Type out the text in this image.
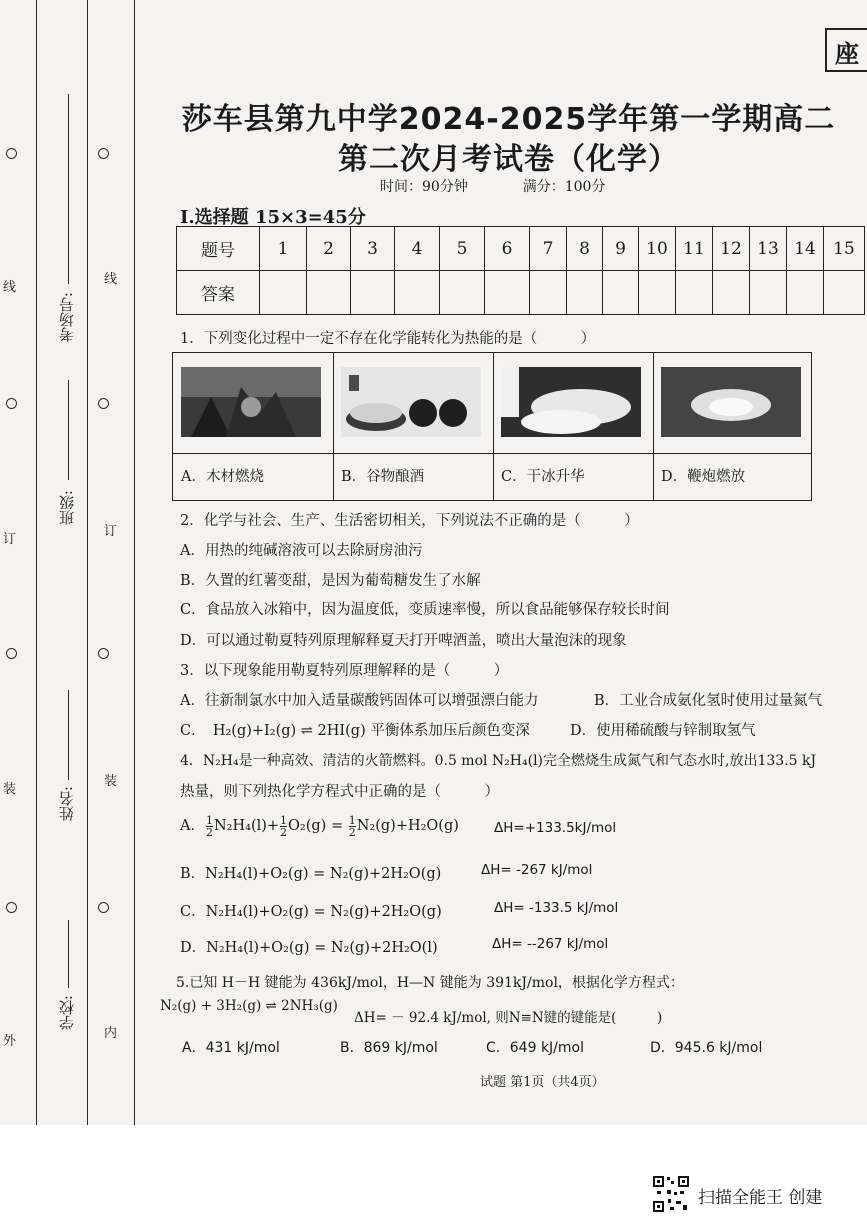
线
订
装
外
线
订
装
内
考场号:
班级:
姓名:
学校:
座
莎车县第九中学2024-2025学年第一学期高二
第二次月考试卷（化学）
时间：90分钟	满分：100分
I.选择题 15×3=45分
题号	1	2	3	4	5	6	7	8	9	10	11	12	13	14	15
答案															
1．下列变化过程中一定不存在化学能转化为热能的是（　　　）
A．木材燃烧	B．谷物酿酒	C．干冰升华	D．鞭炮燃放
2．化学与社会、生产、生活密切相关，下列说法不正确的是（　　　）
A．用热的纯碱溶液可以去除厨房油污
B．久置的红薯变甜，是因为葡萄糖发生了水解
C．食品放入冰箱中，因为温度低，变质速率慢，所以食品能够保存较长时间
D．可以通过勒夏特列原理解释夏天打开啤酒盖，喷出大量泡沫的现象
3．以下现象能用勒夏特列原理解释的是（　　　）
A．往新制氯水中加入适量碳酸钙固体可以增强漂白能力	B．工业合成氨化氢时使用过量氮气
C．　H₂(g)+I₂(g) ⇌ 2HI(g) 平衡体系加压后颜色变深	D．使用稀硫酸与锌制取氢气
4．N₂H₄是一种高效、清洁的火箭燃料。0.5 mol N₂H₄(l)完全燃烧生成氮气和气态水时,放出133.5 kJ
热量，则下列热化学方程式中正确的是（　　　）
A． $\frac{1}{2} N_2H_4(l)+ \frac{1}{2} O_2(g) = \frac{1}{2} N_2(g)+H_2O(g)$	ΔH=+133.5kJ/mol
B．N₂H₄(l)+O₂(g) = N₂(g)+2H₂O(g)	ΔH= -267 kJ/mol
C．N₂H₄(l)+O₂(g) = N₂(g)+2H₂O(g)	ΔH= -133.5 kJ/mol
D．N₂H₄(l)+O₂(g) = N₂(g)+2H₂O(l)	ΔH= --267 kJ/mol
5.已知 H－H 键能为 436kJ/mol，H—N 键能为 391kJ/mol，根据化学方程式：
N₂(g) + 3H₂(g) ⇌ 2NH₃(g)
ΔH= － 92.4 kJ/mol, 则N≡N键的键能是(　　　)
A．431 kJ/mol	B．869 kJ/mol	C．649 kJ/mol	D．945.6 kJ/mol
试题 第1页（共4页）
扫描全能王 创建
